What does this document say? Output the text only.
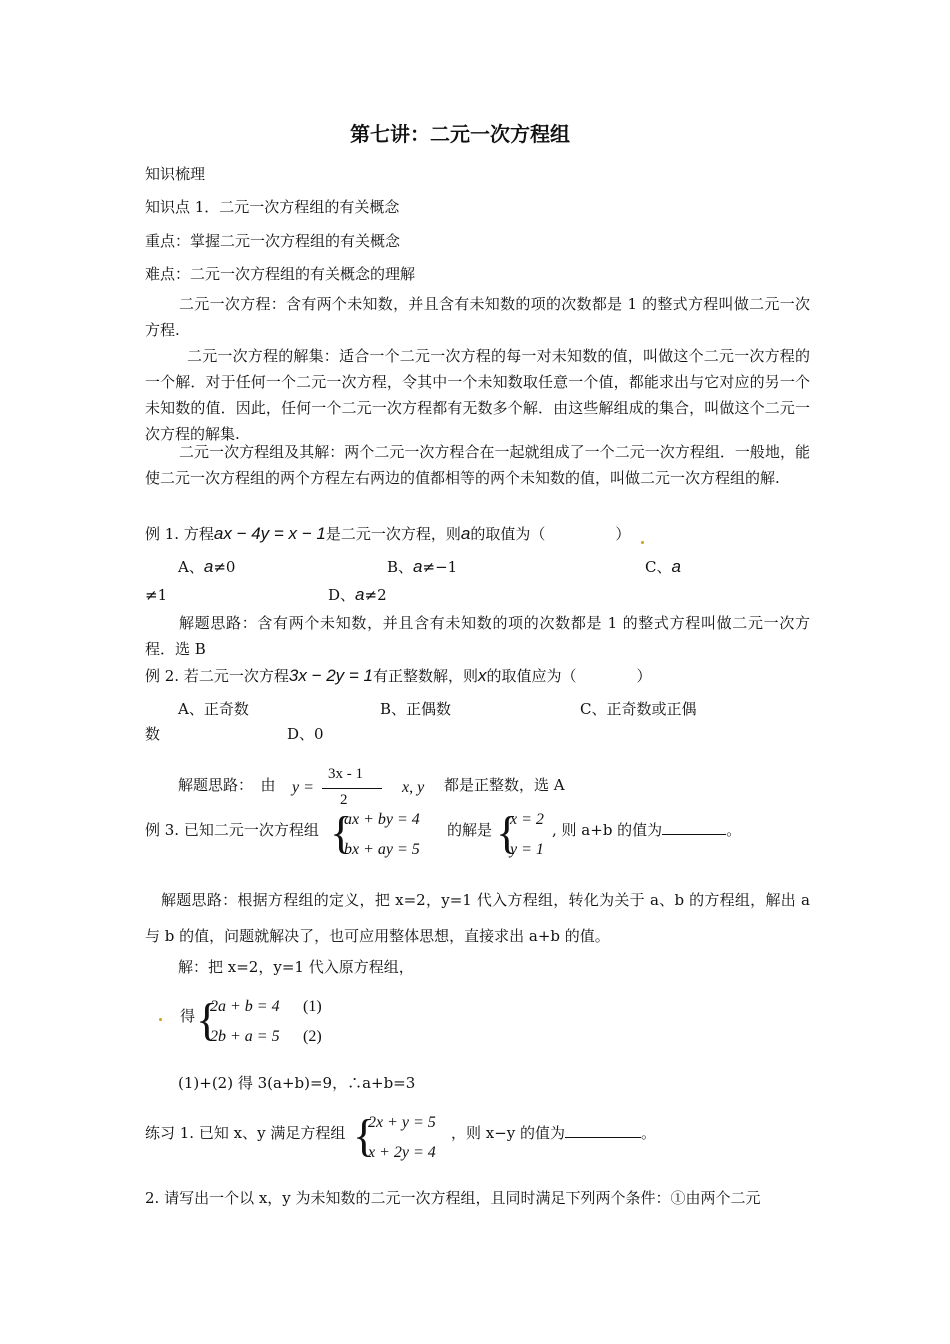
第七讲：二元一次方程组
知识梳理
知识点 1．二元一次方程组的有关概念
重点：掌握二元一次方程组的有关概念
难点：二元一次方程组的有关概念的理解
二元一次方程：含有两个未知数，并且含有未知数的项的次数都是 1 的整式方程叫做二元一次方程.
二元一次方程的解集：适合一个二元一次方程的每一对未知数的值，叫做这个二元一次方程的一个解．对于任何一个二元一次方程，令其中一个未知数取任意一个值，都能求出与它对应的另一个未知数的值．因此，任何一个二元一次方程都有无数多个解．由这些解组成的集合，叫做这个二元一次方程的解集.
二元一次方程组及其解：两个二元一次方程合在一起就组成了一个二元一次方程组．一般地，能使二元一次方程组的两个方程左右两边的值都相等的两个未知数的值，叫做二元一次方程组的解.
例 1. 方程ax − 4y = x − 1是二元一次方程，则a的取值为（	）
A、a≠0	B、a≠−1	C、a
≠1	D、a≠2
解题思路：含有两个未知数，并且含有未知数的项的次数都是 1 的整式方程叫做二元一次方程．选 B
例 2. 若二元一次方程3x − 2y = 1有正整数解，则x的取值应为（	）
A、正奇数	B、正偶数	C、正奇数或正偶
数	D、0
解题思路：　由 y =
3x - 1
2
x, y 都是正整数，选 A
例 3. 已知二元一次方程组 {
ax + by = 4
bx + ay = 5
的解是 {
x = 2
y = 1
, 则 a+b 的值为	。
解题思路：根据方程组的定义，把 x=2，y=1 代入方程组，转化为关于 a、b 的方程组，解出 a 与 b 的值，问题就解决了，也可应用整体思想，直接求出 a+b 的值。
解：把 x=2，y=1 代入原方程组，
得 {
2a + b = 4 (1)
2b + a = 5 (2)
(1)+(2) 得 3(a+b)=9，∴a+b=3
练习 1. 已知 x、y 满足方程组 {
2x + y = 5
x + 2y = 4
，则 x−y 的值为	。
2. 请写出一个以 x，y 为未知数的二元一次方程组，且同时满足下列两个条件：①由两个二元
